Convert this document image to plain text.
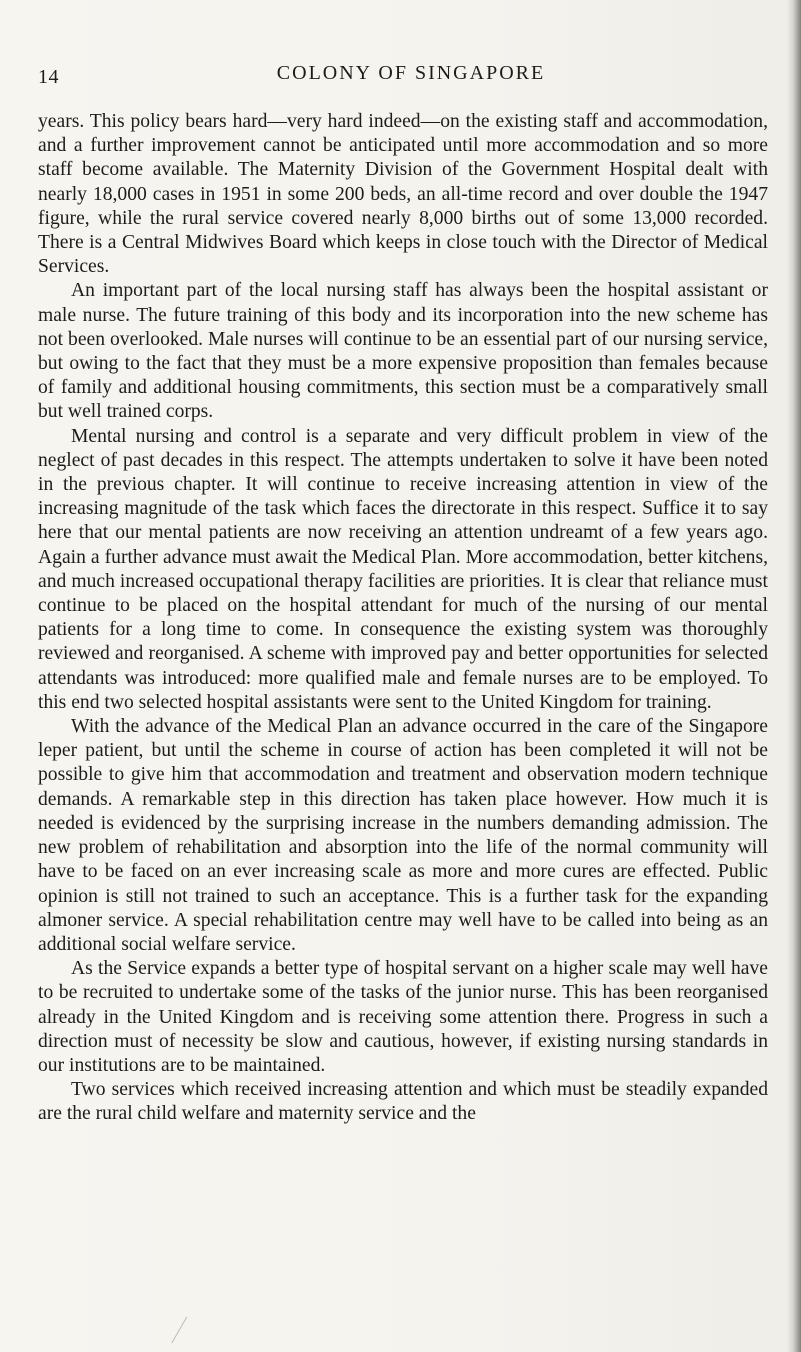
14	COLONY OF SINGAPORE

years. This policy bears hard—very hard indeed—on the existing staff and accommodation, and a further improvement cannot be anticipated until more accommodation and so more staff become available. The Maternity Division of the Government Hospital dealt with nearly 18,000 cases in 1951 in some 200 beds, an all-time record and over double the 1947 figure, while the rural service covered nearly 8,000 births out of some 13,000 recorded. There is a Central Midwives Board which keeps in close touch with the Director of Medical Services.

An important part of the local nursing staff has always been the hospital assistant or male nurse. The future training of this body and its incorporation into the new scheme has not been overlooked. Male nurses will continue to be an essential part of our nursing service, but owing to the fact that they must be a more expensive proposition than females because of family and additional housing commitments, this section must be a comparatively small but well trained corps.

Mental nursing and control is a separate and very difficult problem in view of the neglect of past decades in this respect. The attempts undertaken to solve it have been noted in the previous chapter. It will continue to receive increasing attention in view of the increasing magnitude of the task which faces the directorate in this respect. Suffice it to say here that our mental patients are now receiving an attention undreamt of a few years ago. Again a further advance must await the Medical Plan. More accommodation, better kitchens, and much increased occupational therapy facilities are priorities. It is clear that reliance must continue to be placed on the hospital attendant for much of the nursing of our mental patients for a long time to come. In consequence the existing system was thoroughly reviewed and reorganised. A scheme with improved pay and better opportunities for selected attendants was introduced: more qualified male and female nurses are to be employed. To this end two selected hospital assistants were sent to the United Kingdom for training.

With the advance of the Medical Plan an advance occurred in the care of the Singapore leper patient, but until the scheme in course of action has been completed it will not be possible to give him that accommodation and treatment and observation modern technique demands. A remarkable step in this direction has taken place however. How much it is needed is evidenced by the surprising increase in the numbers demanding admission. The new problem of rehabilitation and absorption into the life of the normal community will have to be faced on an ever increasing scale as more and more cures are effected. Public opinion is still not trained to such an acceptance. This is a further task for the expanding almoner service. A special rehabilitation centre may well have to be called into being as an additional social welfare service.

As the Service expands a better type of hospital servant on a higher scale may well have to be recruited to undertake some of the tasks of the junior nurse. This has been reorganised already in the United Kingdom and is receiving some attention there. Progress in such a direction must of necessity be slow and cautious, however, if existing nursing standards in our institutions are to be maintained.

Two services which received increasing attention and which must be steadily expanded are the rural child welfare and maternity service and the
